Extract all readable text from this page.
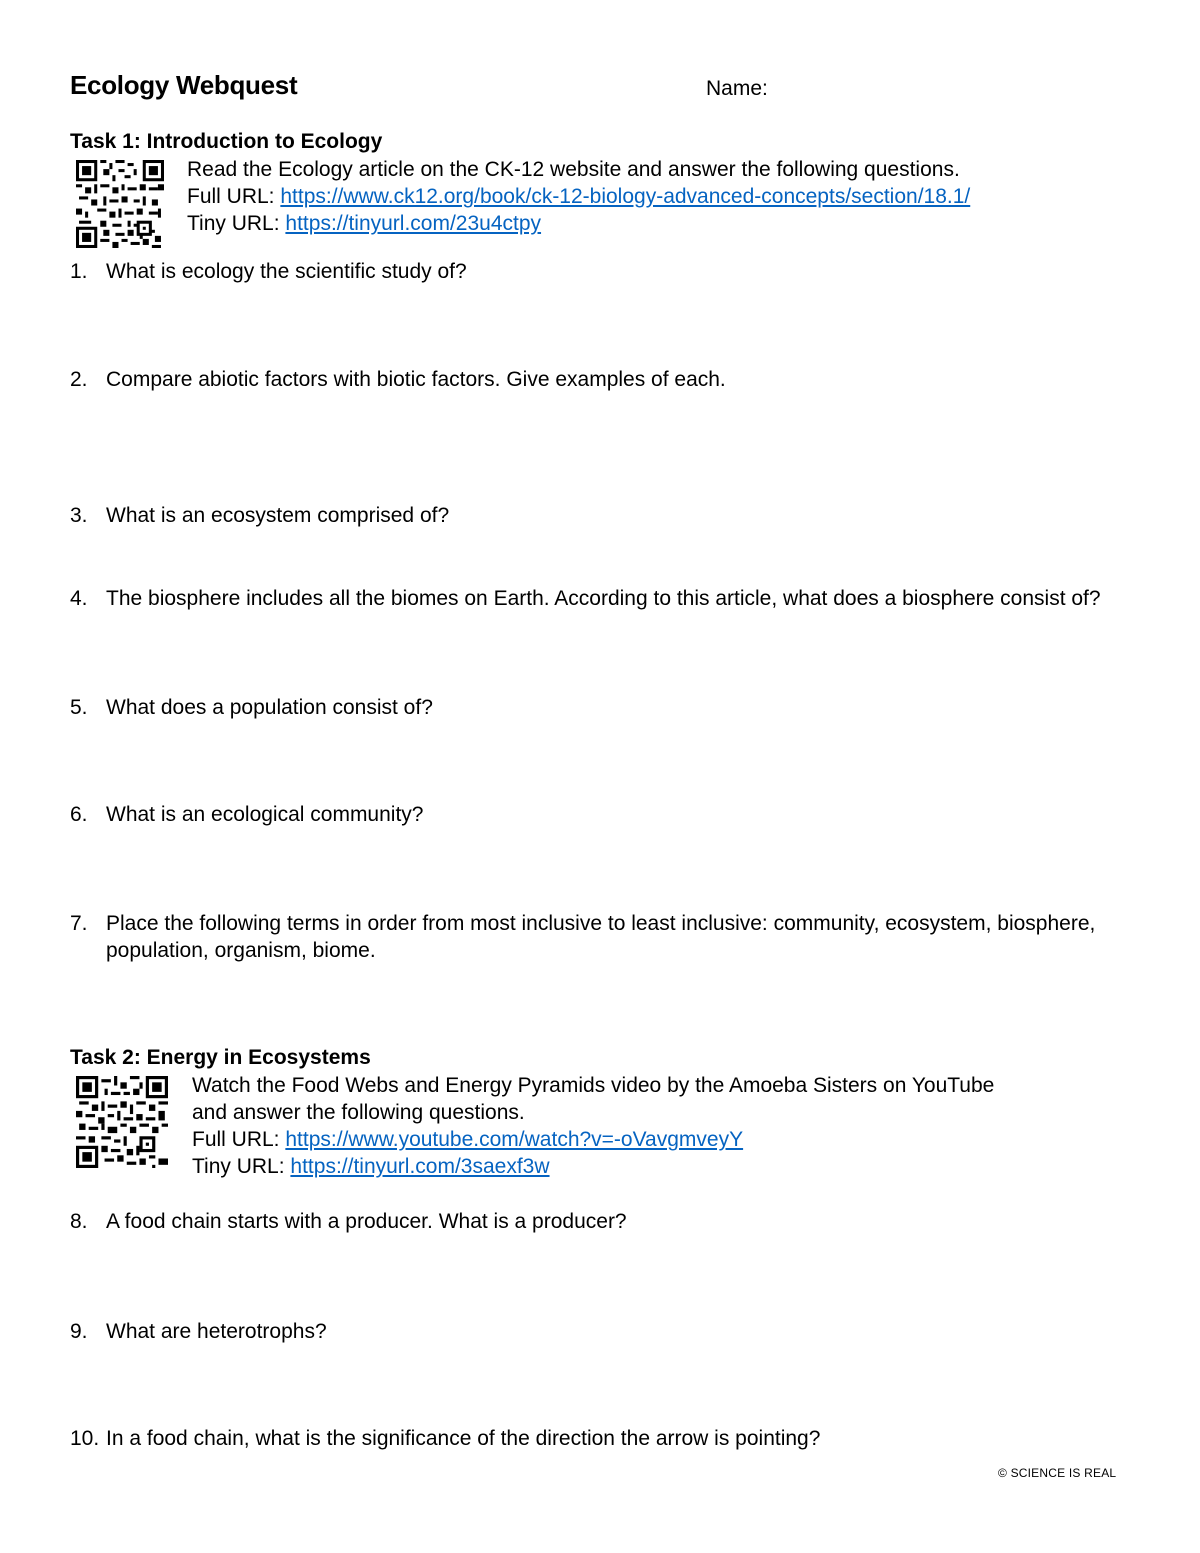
Ecology Webquest	Name:
Task 1: Introduction to Ecology
Read the Ecology article on the CK-12 website and answer the following questions.
Full URL: https://www.ck12.org/book/ck-12-biology-advanced-concepts/section/18.1/
Tiny URL: https://tinyurl.com/23u4ctpy
1. What is ecology the scientific study of?
2. Compare abiotic factors with biotic factors. Give examples of each.
3. What is an ecosystem comprised of?
4. The biosphere includes all the biomes on Earth. According to this article, what does a biosphere consist of?
5. What does a population consist of?
6. What is an ecological community?
7. Place the following terms in order from most inclusive to least inclusive: community, ecosystem, biosphere, population, organism, biome.
Task 2: Energy in Ecosystems
Watch the Food Webs and Energy Pyramids video by the Amoeba Sisters on YouTube
and answer the following questions.
Full URL: https://www.youtube.com/watch?v=-oVavgmveyY
Tiny URL: https://tinyurl.com/3saexf3w
8. A food chain starts with a producer. What is a producer?
9. What are heterotrophs?
10. In a food chain, what is the significance of the direction the arrow is pointing?
© SCIENCE IS REAL
